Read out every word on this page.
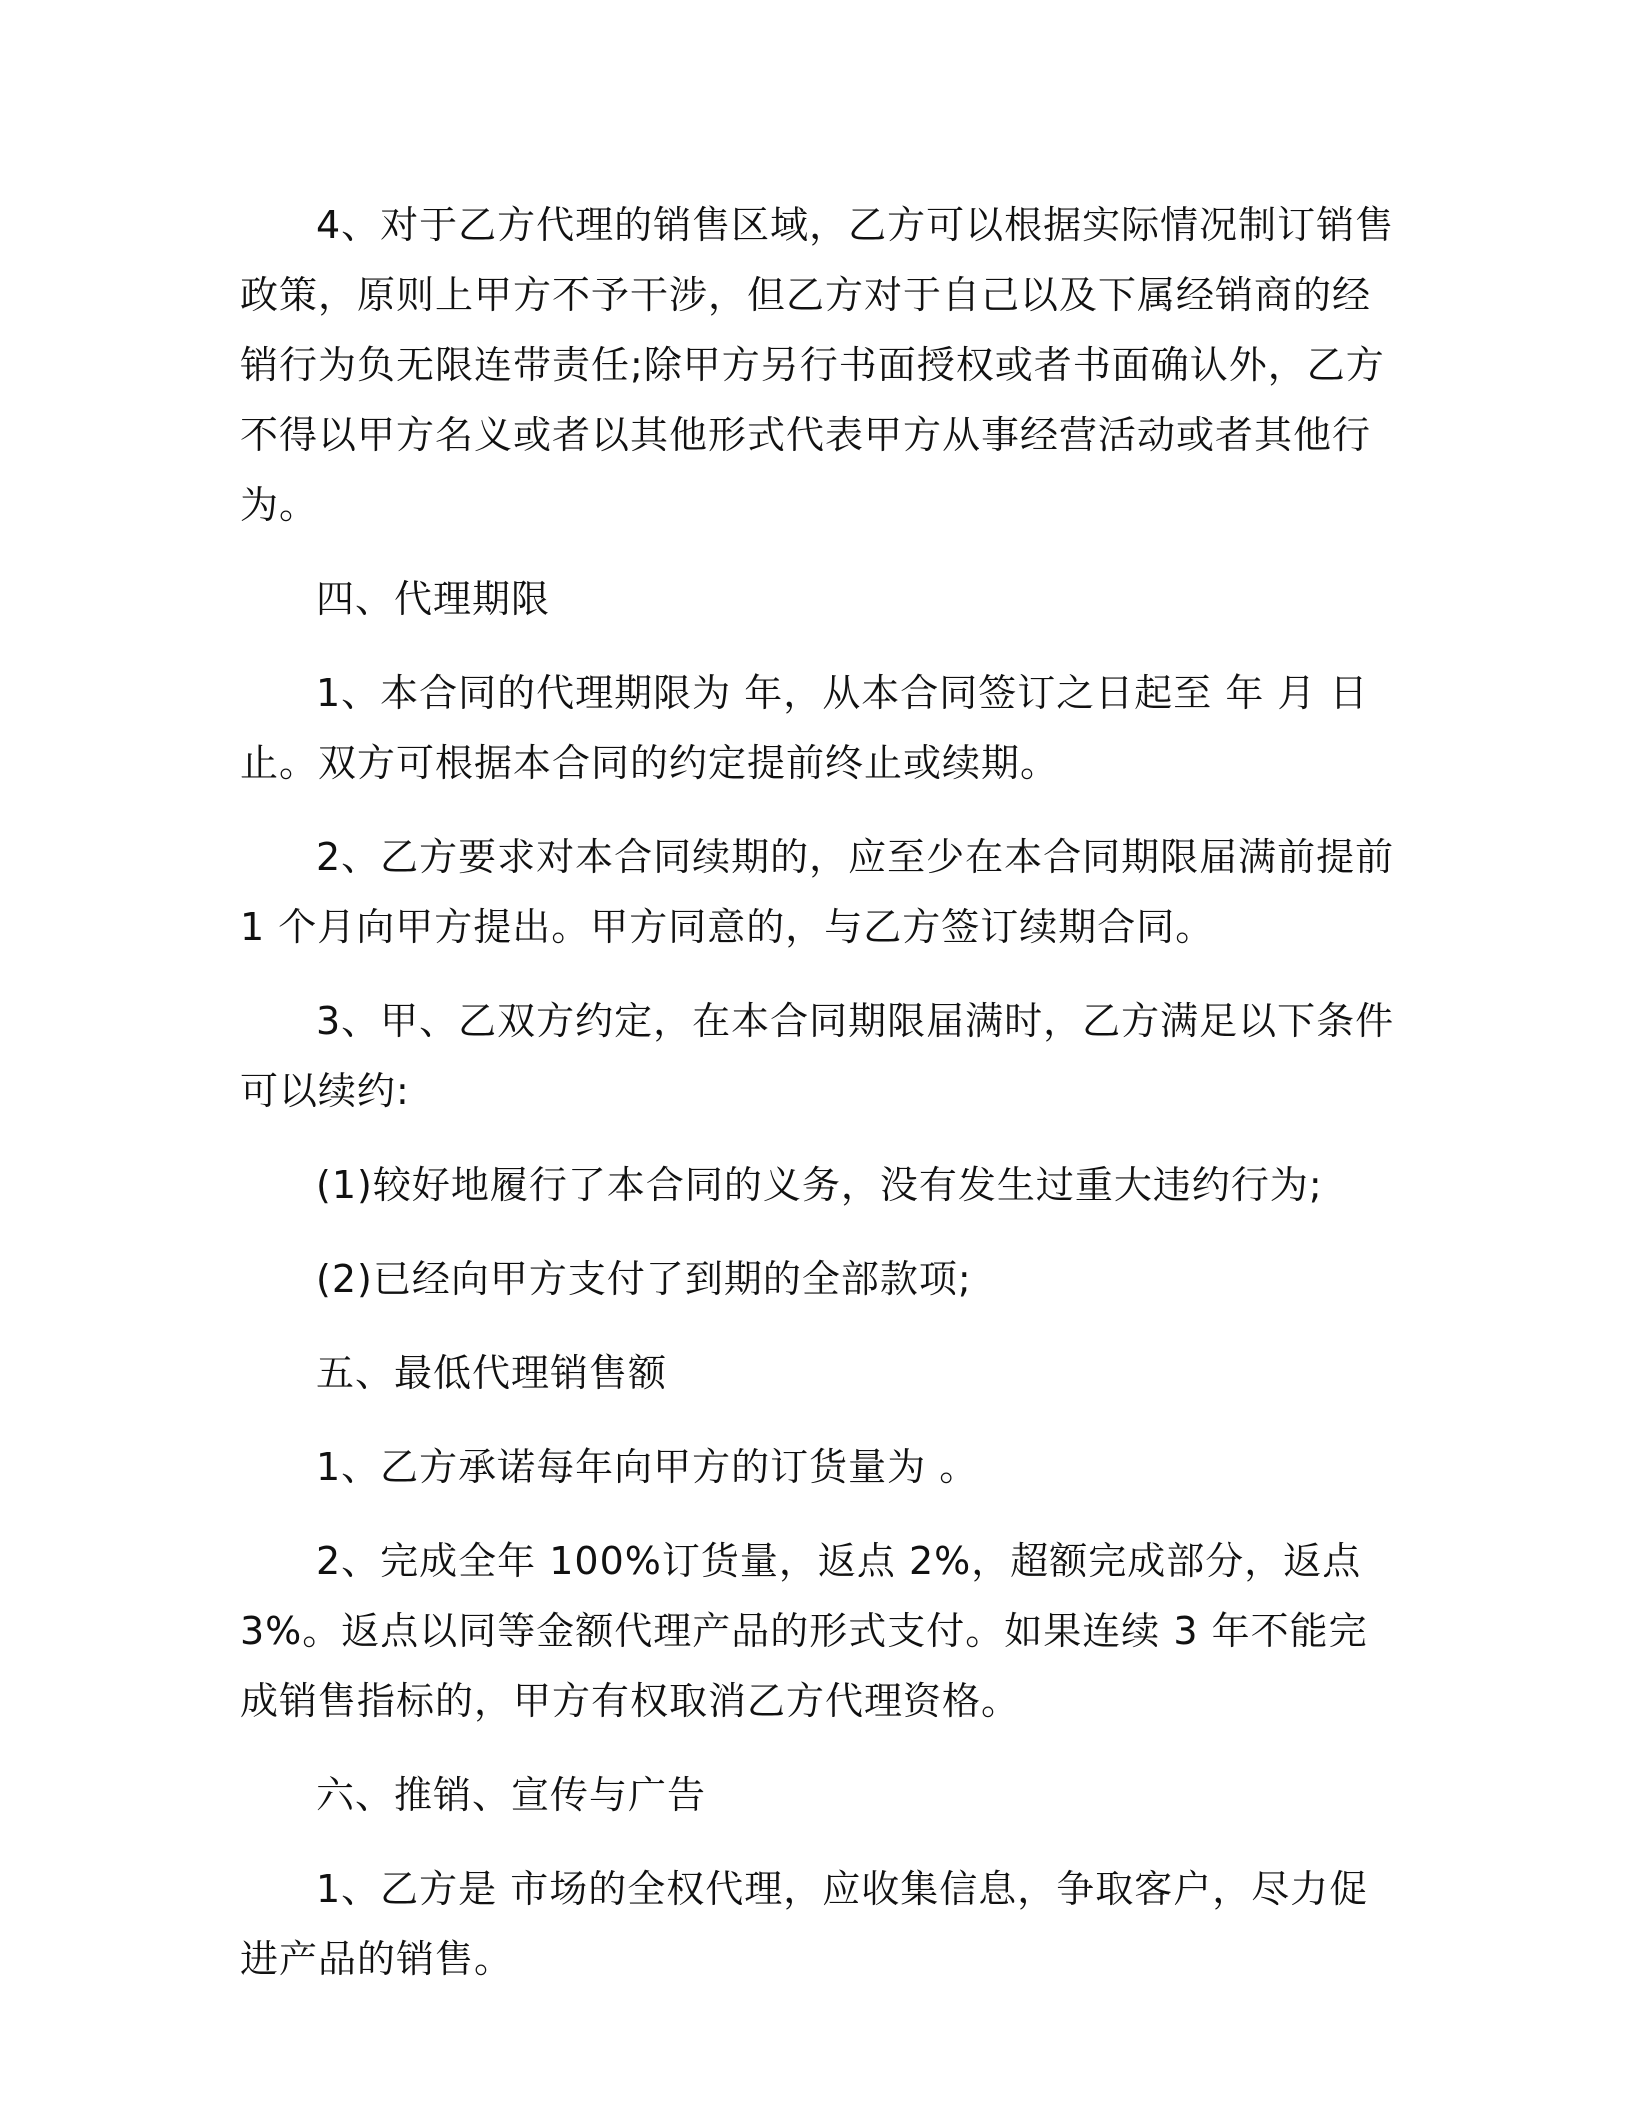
4、对于乙方代理的销售区域，乙方可以根据实际情况制订销售政策，原则上甲方不予干涉，但乙方对于自己以及下属经销商的经销行为负无限连带责任;除甲方另行书面授权或者书面确认外，乙方不得以甲方名义或者以其他形式代表甲方从事经营活动或者其他行为。

四、代理期限

1、本合同的代理期限为 年，从本合同签订之日起至 年 月 日止。双方可根据本合同的约定提前终止或续期。

2、乙方要求对本合同续期的，应至少在本合同期限届满前提前 1 个月向甲方提出。甲方同意的，与乙方签订续期合同。

3、甲、乙双方约定，在本合同期限届满时，乙方满足以下条件可以续约:

(1)较好地履行了本合同的义务，没有发生过重大违约行为;

(2)已经向甲方支付了到期的全部款项;

五、最低代理销售额

1、乙方承诺每年向甲方的订货量为 。

2、完成全年 100%订货量，返点 2%，超额完成部分，返点 3%。返点以同等金额代理产品的形式支付。如果连续 3 年不能完成销售指标的，甲方有权取消乙方代理资格。

六、推销、宣传与广告

1、乙方是 市场的全权代理，应收集信息，争取客户，尽力促进产品的销售。
